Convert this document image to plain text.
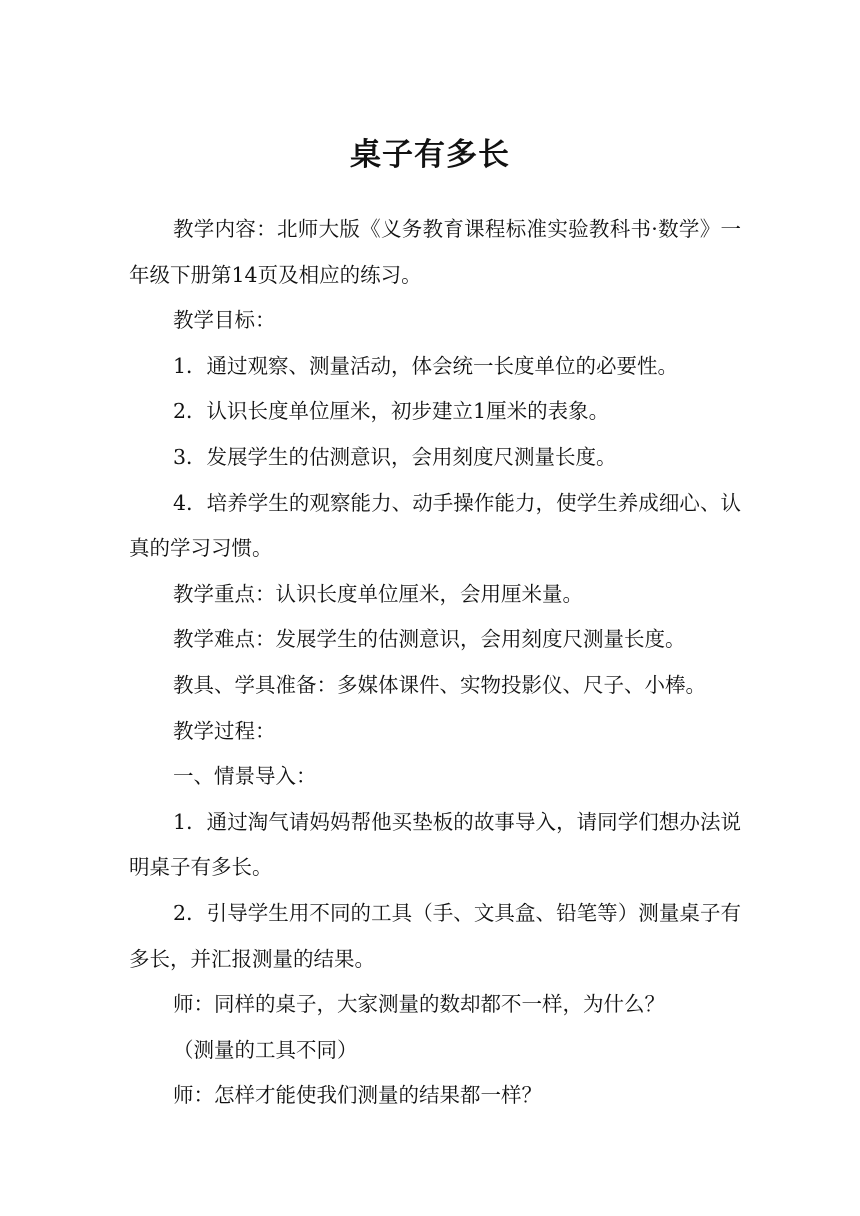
桌子有多长

教学内容：北师大版《义务教育课程标准实验教科书·数学》一年级下册第14页及相应的练习。

教学目标：

1．通过观察、测量活动，体会统一长度单位的必要性。

2．认识长度单位厘米，初步建立1厘米的表象。

3．发展学生的估测意识，会用刻度尺测量长度。

4．培养学生的观察能力、动手操作能力，使学生养成细心、认真的学习习惯。

教学重点：认识长度单位厘米，会用厘米量。

教学难点：发展学生的估测意识，会用刻度尺测量长度。

教具、学具准备：多媒体课件、实物投影仪、尺子、小棒。

教学过程：

一、情景导入：

1．通过淘气请妈妈帮他买垫板的故事导入，请同学们想办法说明桌子有多长。

2．引导学生用不同的工具（手、文具盒、铅笔等）测量桌子有多长，并汇报测量的结果。

师：同样的桌子，大家测量的数却都不一样，为什么？

（测量的工具不同）

师：怎样才能使我们测量的结果都一样？
